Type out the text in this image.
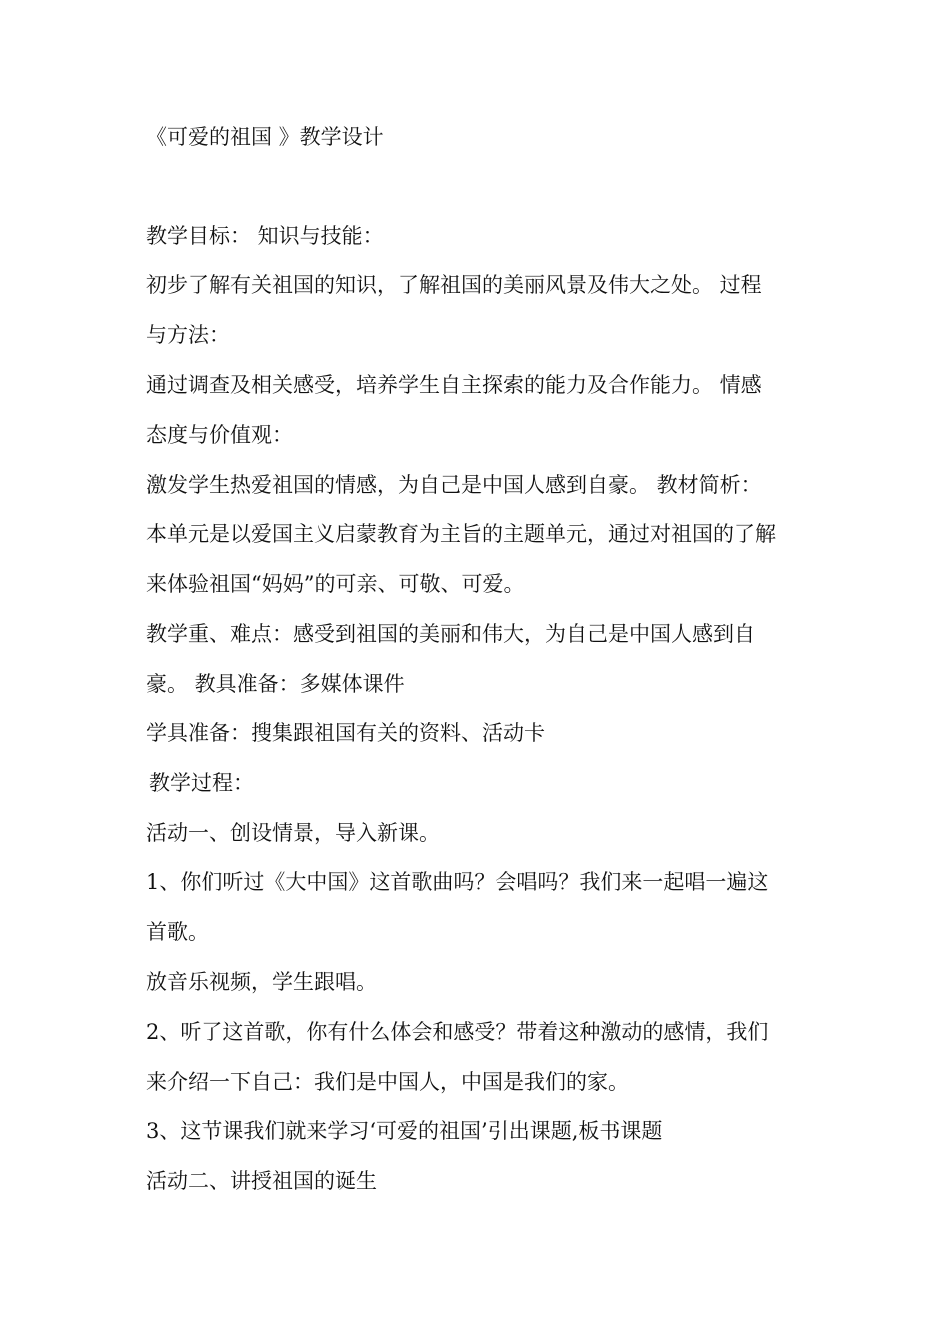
《可爱的祖国 》教学设计
教学目标： 知识与技能：
初步了解有关祖国的知识，了解祖国的美丽风景及伟大之处。 过程
与方法：
通过调查及相关感受，培养学生自主探索的能力及合作能力。 情感
态度与价值观：
激发学生热爱祖国的情感，为自己是中国人感到自豪。 教材简析：
本单元是以爱国主义启蒙教育为主旨的主题单元，通过对祖国的了解
来体验祖国“妈妈”的可亲、可敬、可爱。
教学重、难点：感受到祖国的美丽和伟大，为自己是中国人感到自
豪。 教具准备：多媒体课件
学具准备：搜集跟祖国有关的资料、活动卡
教学过程：
活动一、创设情景，导入新课。
1、你们听过《大中国》这首歌曲吗？会唱吗？我们来一起唱一遍这
首歌。
放音乐视频，学生跟唱。
2、听了这首歌，你有什么体会和感受？带着这种激动的感情，我们
来介绍一下自己：我们是中国人，中国是我们的家。
3、这节课我们就来学习‘可爱的祖国’引出课题,板书课题
活动二、讲授祖国的诞生
